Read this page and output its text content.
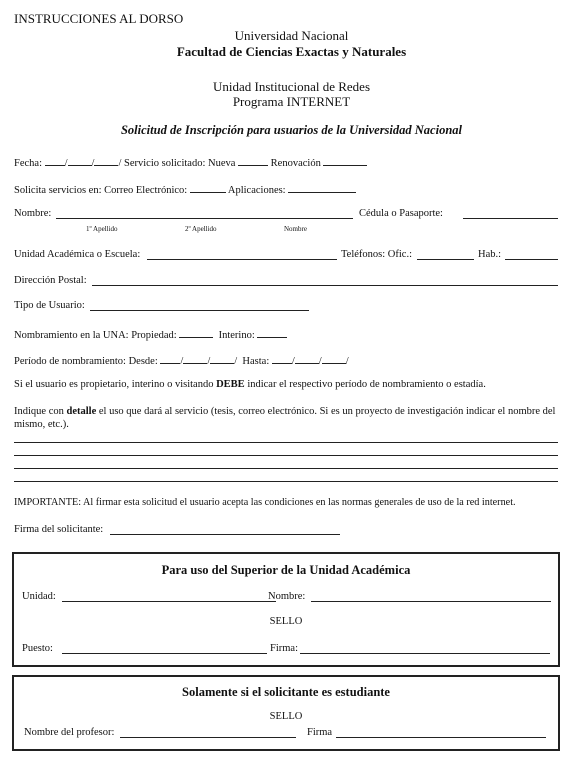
INSTRUCCIONES AL DORSO
Universidad Nacional
Facultad de Ciencias Exactas y Naturales
Unidad Institucional de Redes
Programa INTERNET
Solicitud de Inscripción para usuarios de la Universidad Nacional
Fecha: / / / Servicio solicitado: Nueva	Renovación
Solicita servicios en: Correo Electrónico:	Aplicaciones:
Nombre:	Cédula o Pasaporte:
1º Apellido	2º Apellido	Nombre
Unidad Académica o Escuela:	Teléfonos: Ofic.:	Hab.:
Dirección Postal:
Tipo de Usuario:
Nombramiento en la UNA: Propiedad:	Interino:
Período de nombramiento: Desde: / / /  Hasta: / / /
Si el usuario es propietario, interino o visitando DEBE indicar el respectivo período de nombramiento o estadía.
Indique con detalle el uso que dará al servicio (tesis, correo electrónico. Si es un proyecto de investigación indicar el nombre del mismo, etc.).
IMPORTANTE: Al firmar esta solicitud el usuario acepta las condiciones en las normas generales de uso de la red internet.
Firma del solicitante:
Para uso del Superior de la Unidad Académica
Unidad:	Nombre:
SELLO
Puesto:	Firma:
Solamente si el solicitante es estudiante
SELLO
Nombre del profesor:	Firma
